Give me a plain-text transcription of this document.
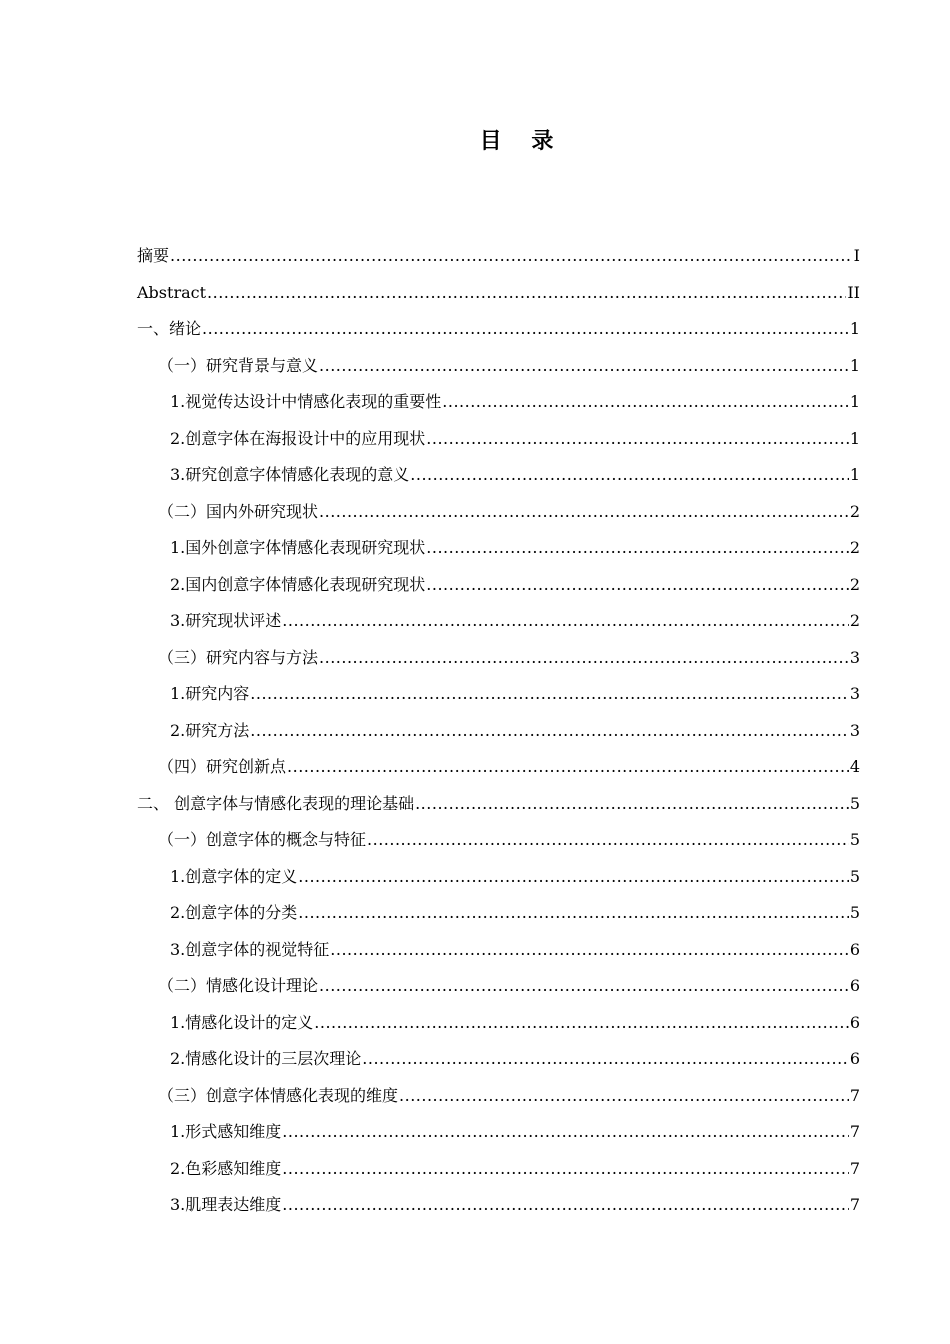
目 录
摘要 .....	I
Abstract .....	II
一、绪论 .....	1
（一）研究背景与意义 .....	1
1.视觉传达设计中情感化表现的重要性 .....	1
2.创意字体在海报设计中的应用现状 .....	1
3.研究创意字体情感化表现的意义 .....	1
（二）国内外研究现状 .....	2
1.国外创意字体情感化表现研究现状 .....	2
2.国内创意字体情感化表现研究现状 .....	2
3.研究现状评述 .....	2
（三）研究内容与方法 .....	3
1.研究内容 .....	3
2.研究方法 .....	3
（四）研究创新点 .....	4
二、 创意字体与情感化表现的理论基础 .....	5
（一）创意字体的概念与特征 .....	5
1.创意字体的定义 .....	5
2.创意字体的分类 .....	5
3.创意字体的视觉特征 .....	6
（二）情感化设计理论 .....	6
1.情感化设计的定义 .....	6
2.情感化设计的三层次理论 .....	6
（三）创意字体情感化表现的维度 .....	7
1.形式感知维度 .....	7
2.色彩感知维度 .....	7
3.肌理表达维度 .....	7
